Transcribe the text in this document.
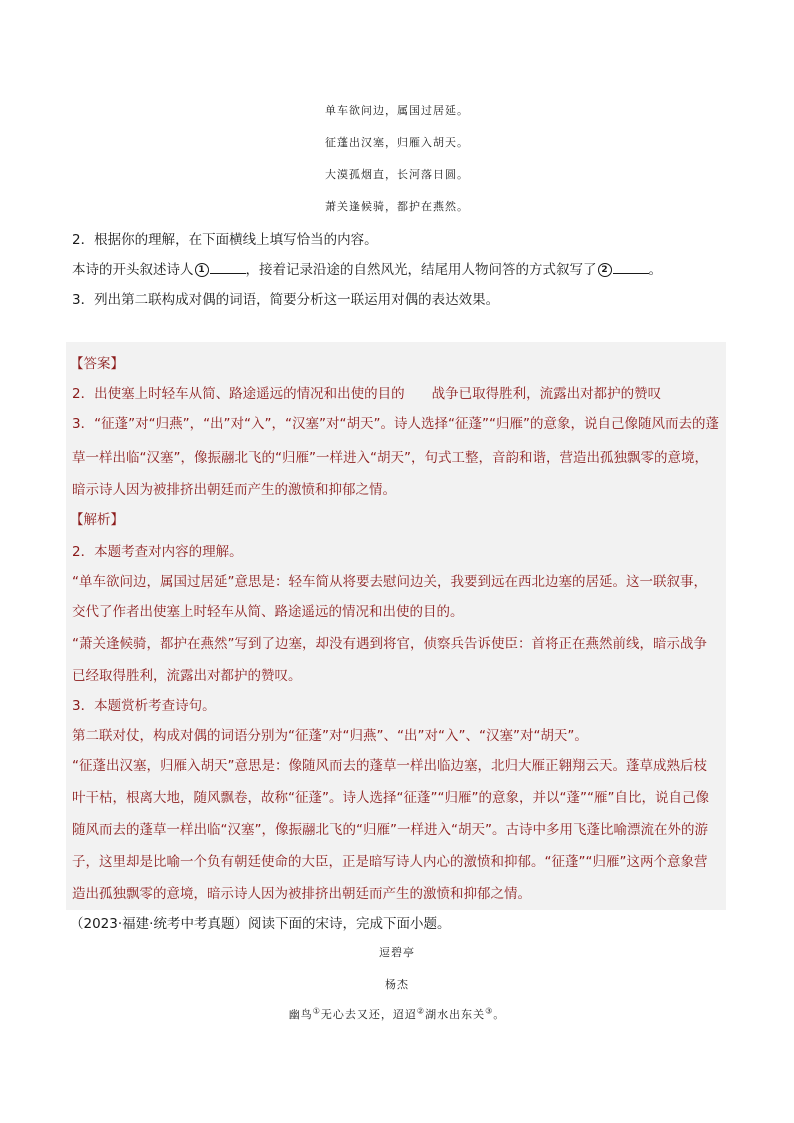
单车欲问边，属国过居延。
征蓬出汉塞，归雁入胡天。
大漠孤烟直，长河落日圆。
萧关逢候骑，都护在燕然。
2．根据你的理解，在下面横线上填写恰当的内容。
本诗的开头叙述诗人 1	，接着记录沿途的自然风光，结尾用人物问答的方式叙写了 2	。
3．列出第二联构成对偶的词语，简要分析这一联运用对偶的表达效果。
【答案】
2．出使塞上时轻车从简、路途遥远的情况和出使的目的　　战争已取得胜利，流露出对都护的赞叹
3．“征蓬”对“归燕”，“出”对“入”，“汉塞”对“胡天”。诗人选择“征蓬”“归雁”的意象，说自己像随风而去的蓬
草一样出临“汉塞”，像振翮北飞的“归雁”一样进入“胡天”，句式工整，音韵和谐，营造出孤独飘零的意境，
暗示诗人因为被排挤出朝廷而产生的激愤和抑郁之情。
【解析】
2．本题考查对内容的理解。
“单车欲问边，属国过居延”意思是：轻车简从将要去慰问边关，我要到远在西北边塞的居延。这一联叙事，
交代了作者出使塞上时轻车从简、路途遥远的情况和出使的目的。
“萧关逢候骑，都护在燕然”写到了边塞，却没有遇到将官，侦察兵告诉使臣：首将正在燕然前线，暗示战争
已经取得胜利，流露出对都护的赞叹。
3．本题赏析考查诗句。
第二联对仗，构成对偶的词语分别为“征蓬”对“归燕”、“出”对“入”、“汉塞”对“胡天”。
“征蓬出汉塞，归雁入胡天”意思是：像随风而去的蓬草一样出临边塞，北归大雁正翱翔云天。蓬草成熟后枝
叶干枯，根离大地，随风飘卷，故称“征蓬”。诗人选择“征蓬”“归雁”的意象，并以“蓬”“雁”自比，说自己像
随风而去的蓬草一样出临“汉塞”，像振翮北飞的“归雁”一样进入“胡天”。古诗中多用飞蓬比喻漂流在外的游
子，这里却是比喻一个负有朝廷使命的大臣，正是暗写诗人内心的激愤和抑郁。“征蓬”“归雁”这两个意象营
造出孤独飘零的意境，暗示诗人因为被排挤出朝廷而产生的激愤和抑郁之情。
（2023·福建·统考中考真题）阅读下面的宋诗，完成下面小题。
逗碧亭
杨杰
幽鸟①无心去又还，迢迢②湖水出东关③。
